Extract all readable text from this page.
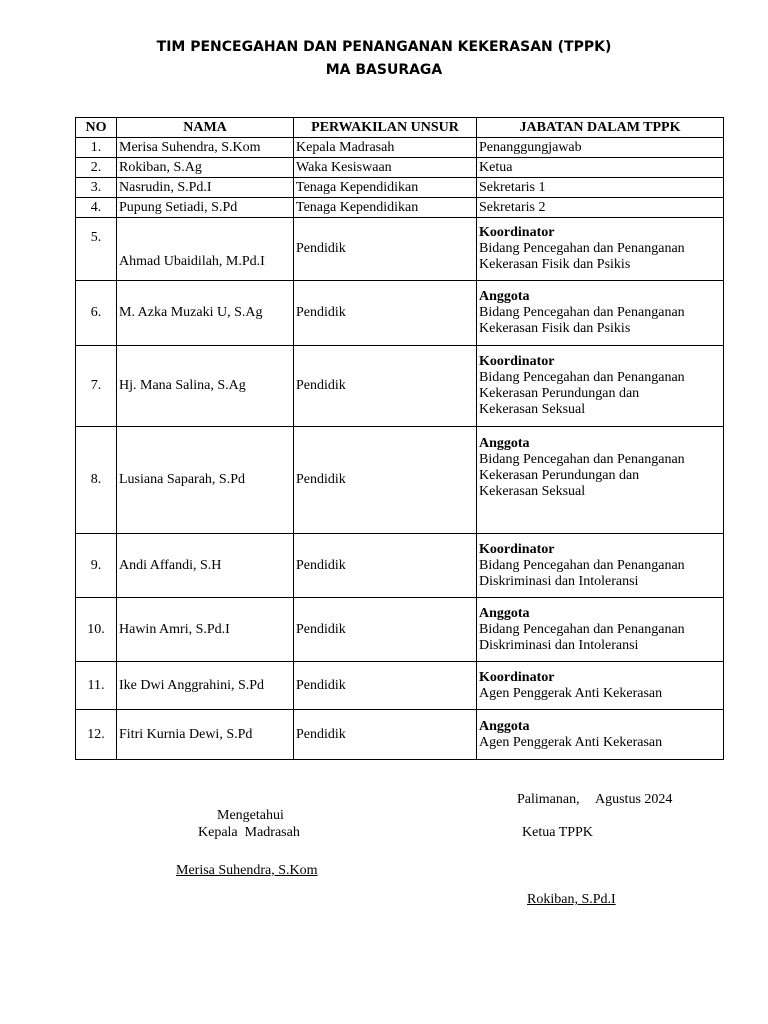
TIM PENCEGAHAN DAN PENANGANAN KEKERASAN (TPPK)
MA BASURAGA
NO	NAMA	PERWAKILAN UNSUR	JABATAN DALAM TPPK
1.	Merisa Suhendra, S.Kom	Kepala Madrasah	Penanggungjawab
2.	Rokiban, S.Ag	Waka Kesiswaan	Ketua
3.	Nasrudin, S.Pd.I	Tenaga Kependidikan	Sekretaris 1
4.	Pupung Setiadi, S.Pd	Tenaga Kependidikan	Sekretaris 2
5.	Ahmad Ubaidilah, M.Pd.I	Pendidik	Koordinator
Bidang Pencegahan dan Penanganan
Kekerasan Fisik dan Psikis

6.	M. Azka Muzaki U, S.Ag	Pendidik	Anggota
Bidang Pencegahan dan Penanganan
Kekerasan Fisik dan Psikis

7.	Hj. Mana Salina, S.Ag	Pendidik	Koordinator
Bidang Pencegahan dan Penanganan
Kekerasan Perundungan dan
Kekerasan Seksual

8.	Lusiana Saparah, S.Pd	Pendidik	Anggota
Bidang Pencegahan dan Penanganan
Kekerasan Perundungan dan
Kekerasan Seksual

9.	Andi Affandi, S.H	Pendidik	Koordinator
Bidang Pencegahan dan Penanganan
Diskriminasi dan Intoleransi

10.	Hawin Amri, S.Pd.I	Pendidik	Anggota
Bidang Pencegahan dan Penanganan
Diskriminasi dan Intoleransi

11.	Ike Dwi Anggrahini, S.Pd	Pendidik	Koordinator
Agen Penggerak Anti Kekerasan

12.	Fitri Kurnia Dewi, S.Pd	Pendidik	Anggota
Agen Penggerak Anti Kekerasan
Palimanan, Agustus 2024
Mengetahui
Kepala  Madrasah	Ketua TPPK
Merisa Suhendra, S.Kom
Rokiban, S.Pd.I
